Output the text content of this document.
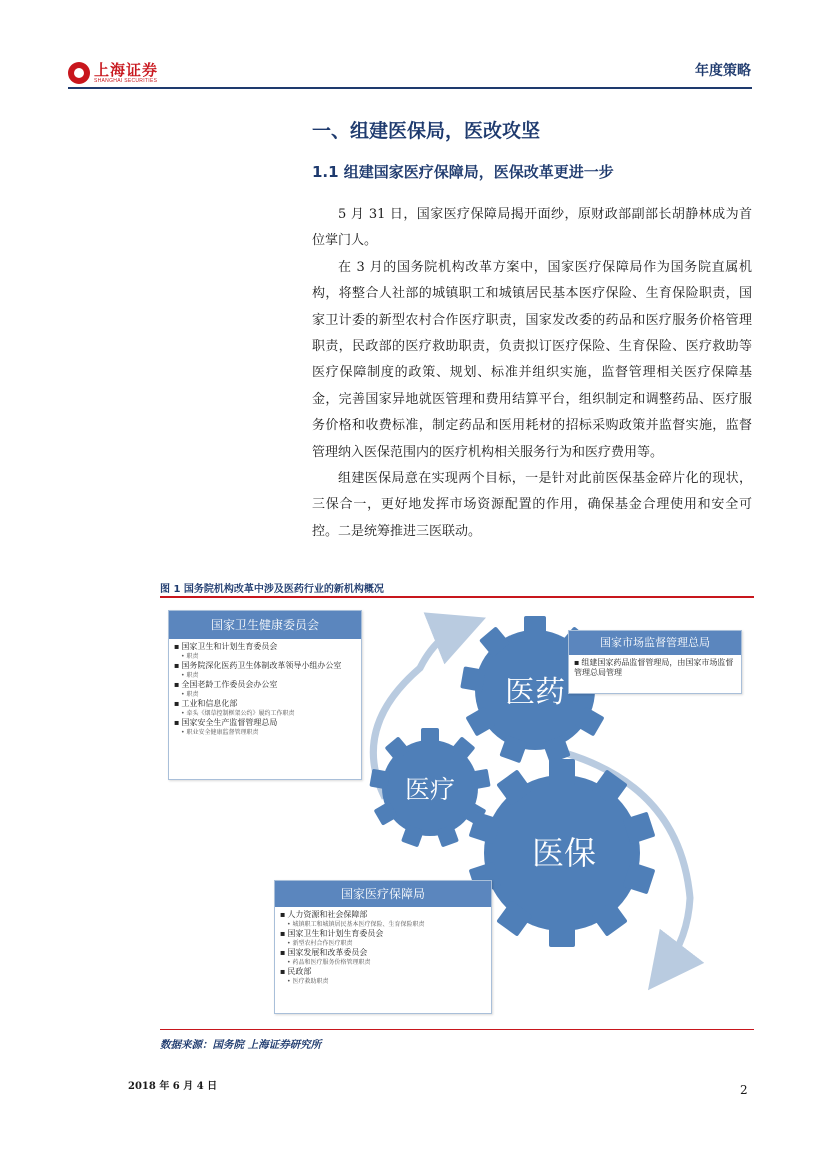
上海证券
SHANGHAI SECURITIES
年度策略
一、组建医保局，医改攻坚
1.1 组建国家医疗保障局，医保改革更进一步

5 月 31 日，国家医疗保障局揭开面纱，原财政部副部长胡静林成为首位掌门人。

在 3 月的国务院机构改革方案中，国家医疗保障局作为国务院直属机构，将整合人社部的城镇职工和城镇居民基本医疗保险、生育保险职责，国家卫计委的新型农村合作医疗职责，国家发改委的药品和医疗服务价格管理职责，民政部的医疗救助职责，负责拟订医疗保险、生育保险、医疗救助等医疗保障制度的政策、规划、标准并组织实施，监督管理相关医疗保障基金，完善国家异地就医管理和费用结算平台，组织制定和调整药品、医疗服务价格和收费标准，制定药品和医用耗材的招标采购政策并监督实施，监督管理纳入医保范围内的医疗机构相关服务行为和医疗费用等。

组建医保局意在实现两个目标，一是针对此前医保基金碎片化的现状，三保合一，更好地发挥市场资源配置的作用，确保基金合理使用和安全可控。二是统筹推进三医联动。

图 1 国务院机构改革中涉及医药行业的新机构概况
医药
医疗
医保
国家卫生健康委员会
▪ 国家卫生和计划生育委员会
• 职责
▪ 国务院深化医药卫生体制改革领导小组办公室
• 职责
▪ 全国老龄工作委员会办公室
• 职责
▪ 工业和信息化部
• 牵头《烟草控制框架公约》履约工作职责
▪ 国家安全生产监督管理总局
• 职业安全健康监督管理职责
国家市场监督管理总局
▪ 组建国家药品监督管理局，由国家市场监督管理总局管理
国家医疗保障局
▪ 人力资源和社会保障部
• 城镇职工和城镇居民基本医疗保险、生育保险职责
▪ 国家卫生和计划生育委员会
• 新型农村合作医疗职责
▪ 国家发展和改革委员会
• 药品和医疗服务价格管理职责
▪ 民政部
• 医疗救助职责
数据来源：国务院 上海证券研究所
2018 年 6 月 4 日	2
